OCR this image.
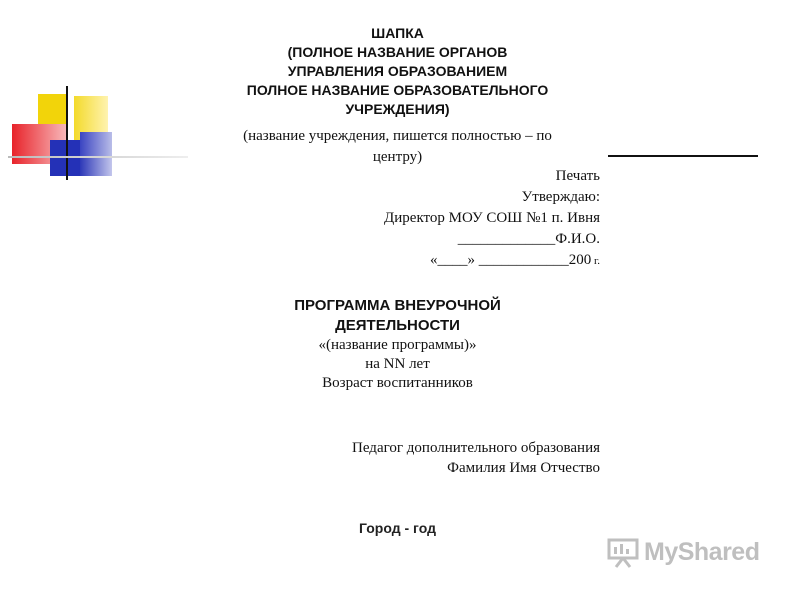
ШАПКА
(ПОЛНОЕ НАЗВАНИЕ ОРГАНОВ
УПРАВЛЕНИЯ ОБРАЗОВАНИЕМ
ПОЛНОЕ НАЗВАНИЕ ОБРАЗОВАТЕЛЬНОГО
УЧРЕЖДЕНИЯ)
(название учреждения, пишется полностью – по
центру)
Печать
Утверждаю:
Директор МОУ СОШ №1 п. Ивня
_____________Ф.И.О.
«____» ____________200 г.
ПРОГРАММА ВНЕУРОЧНОЙ
ДЕЯТЕЛЬНОСТИ
«(название программы)»
на NN лет
Возраст воспитанников
Педагог дополнительного образования
Фамилия Имя Отчество
Город - год
MyShared
